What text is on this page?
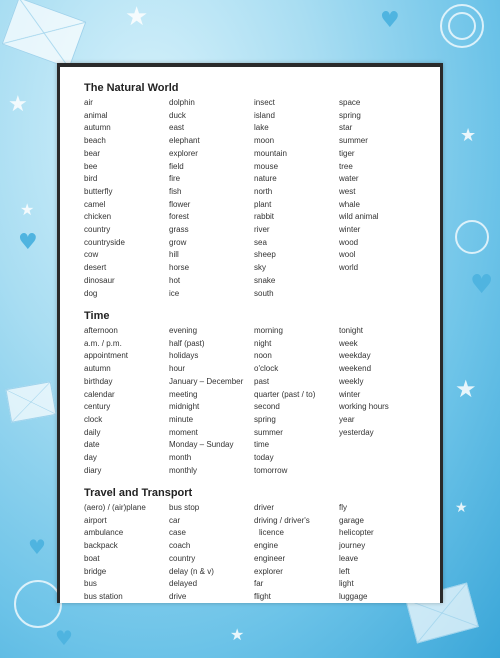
★
★
★
★
★
★
★
♥
♥
♥
♥
♥
The Natural World
air
animal
autumn
beach
bear
bee
bird
butterfly
camel
chicken
country
countryside
cow
desert
dinosaur
dog
dolphin
duck
east
elephant
explorer
field
fire
fish
flower
forest
grass
grow
hill
horse
hot
ice
insect
island
lake
moon
mountain
mouse
nature
north
plant
rabbit
river
sea
sheep
sky
snake
south
space
spring
star
summer
tiger
tree
water
west
whale
wild animal
winter
wood
wool
world
Time
afternoon
a.m. / p.m.
appointment
autumn
birthday
calendar
century
clock
daily
date
day
diary
evening
half (past)
holidays
hour
January – December
meeting
midnight
minute
moment
Monday – Sunday
month
monthly
morning
night
noon
o'clock
past
quarter (past / to)
second
spring
summer
time
today
tomorrow
tonight
week
weekday
weekend
weekly
winter
working hours
year
yesterday
Travel and Transport
(aero) / (air)plane
airport
ambulance
backpack
boat
bridge
bus
bus station
bus stop
car
case
coach
country
delay (n & v)
delayed
drive
driver
driving / driver's
licence
engine
engineer
explorer
far
flight
fly
garage
helicopter
journey
leave
left
light
luggage
